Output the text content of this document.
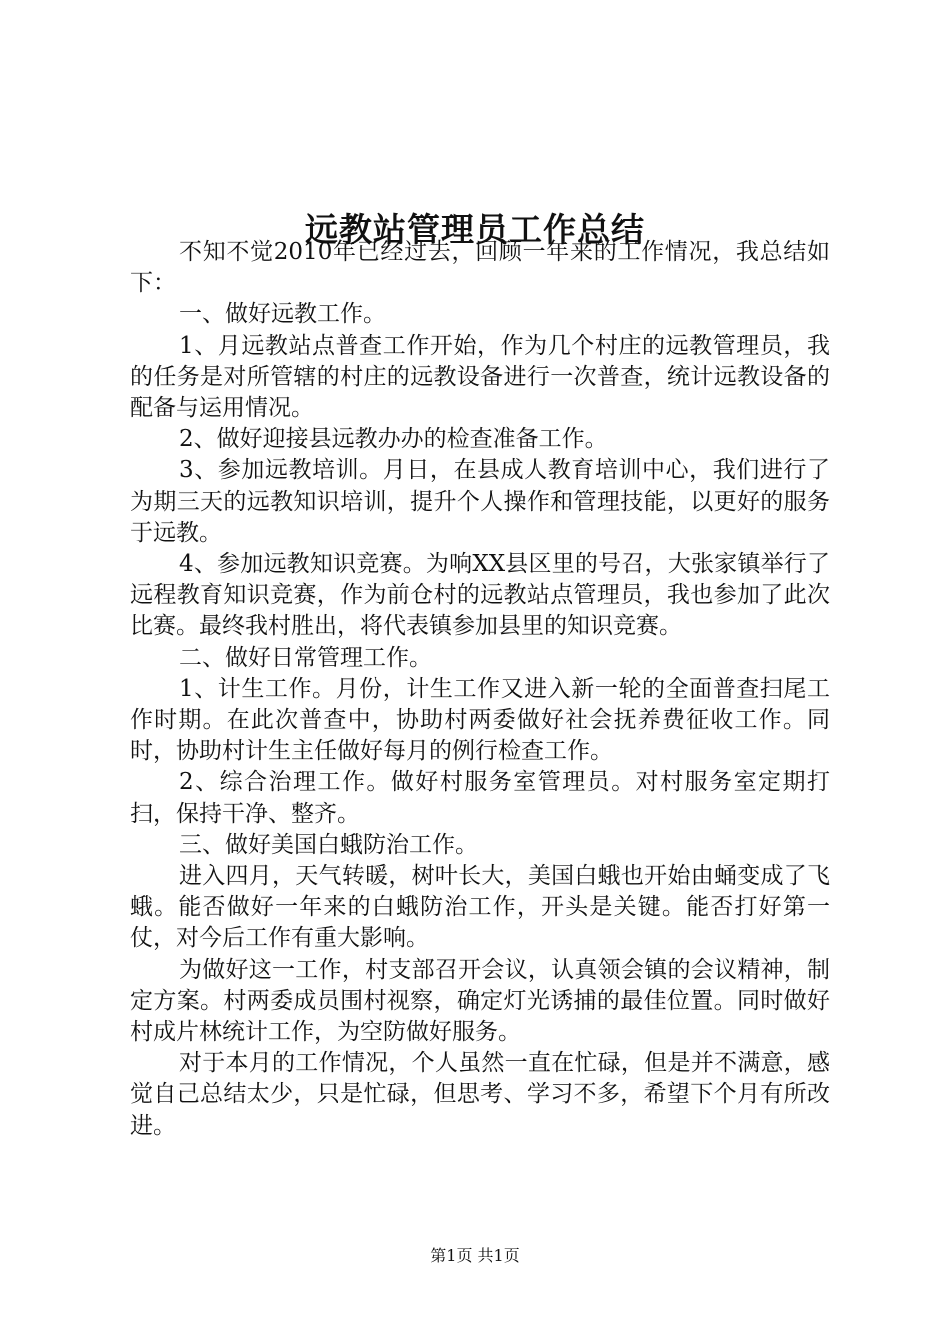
远教站管理员工作总结

不知不觉2010年已经过去，回顾一年来的工作情况，我总结如下：

一、做好远教工作。

1、月远教站点普查工作开始，作为几个村庄的远教管理员，我的任务是对所管辖的村庄的远教设备进行一次普查，统计远教设备的配备与运用情况。

2、做好迎接县远教办办的检查准备工作。

3、参加远教培训。月日，在县成人教育培训中心，我们进行了为期三天的远教知识培训，提升个人操作和管理技能，以更好的服务于远教。

4、参加远教知识竞赛。为响XX县区里的号召，大张家镇举行了远程教育知识竞赛，作为前仓村的远教站点管理员，我也参加了此次比赛。最终我村胜出，将代表镇参加县里的知识竞赛。

二、做好日常管理工作。

1、计生工作。月份，计生工作又进入新一轮的全面普查扫尾工作时期。在此次普查中，协助村两委做好社会抚养费征收工作。同时，协助村计生主任做好每月的例行检查工作。

2、综合治理工作。做好村服务室管理员。对村服务室定期打扫，保持干净、整齐。

三、做好美国白蛾防治工作。

进入四月，天气转暖，树叶长大，美国白蛾也开始由蛹变成了飞蛾。能否做好一年来的白蛾防治工作，开头是关键。能否打好第一仗，对今后工作有重大影响。

为做好这一工作，村支部召开会议，认真领会镇的会议精神，制定方案。村两委成员围村视察，确定灯光诱捕的最佳位置。同时做好村成片林统计工作，为空防做好服务。

对于本月的工作情况，个人虽然一直在忙碌，但是并不满意，感觉自己总结太少，只是忙碌，但思考、学习不多，希望下个月有所改进。

第1页 共1页
